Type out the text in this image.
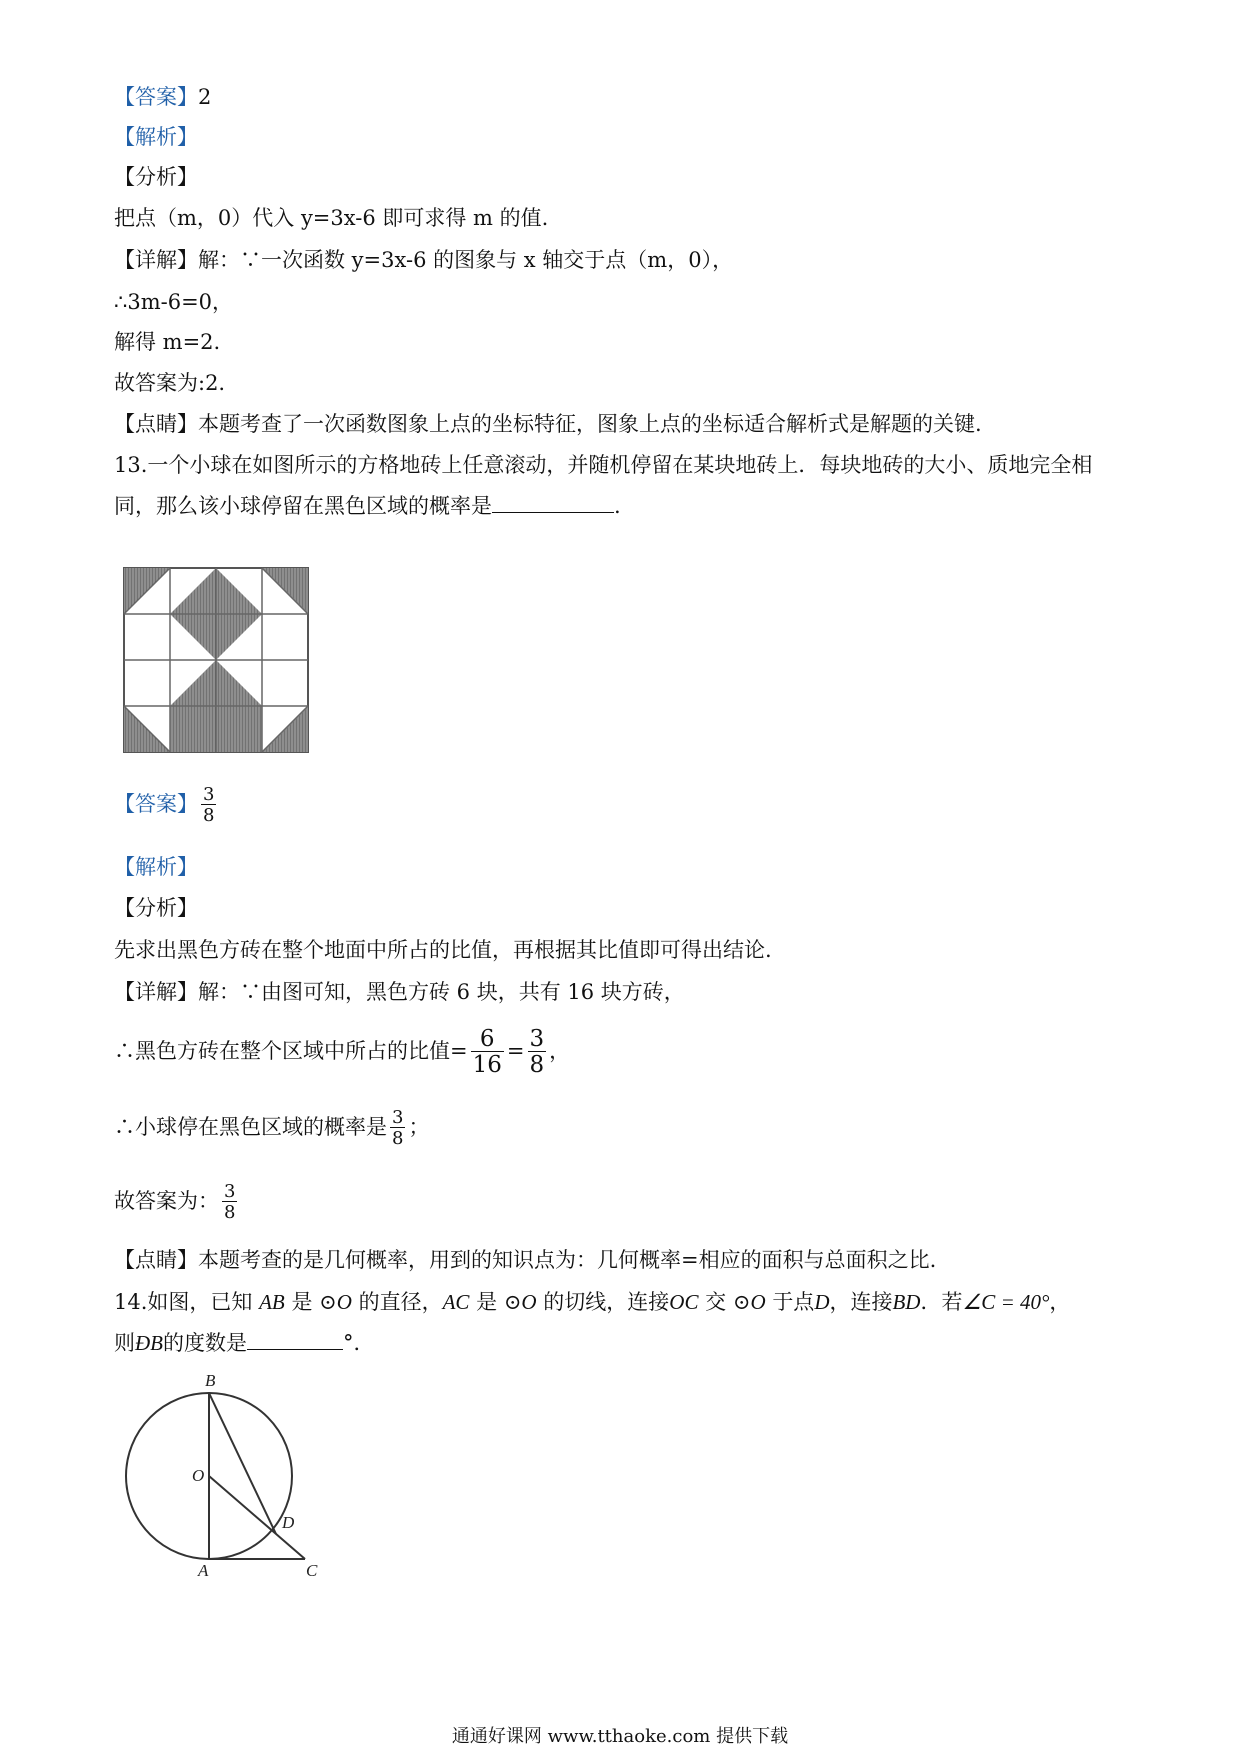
【答案】2
【解析】
【分析】
把点（m，0）代入 y=3x-6 即可求得 m 的值.
【详解】解：∵一次函数 y=3x-6 的图象与 x 轴交于点（m，0），
∴3m-6=0，
解得 m=2.
故答案为:2.
【点睛】本题考查了一次函数图象上点的坐标特征，图象上点的坐标适合解析式是解题的关键.
13.一个小球在如图所示的方格地砖上任意滚动，并随机停留在某块地砖上．每块地砖的大小、质地完全相
同，那么该小球停留在黑色区域的概率是	.
【答案】 $\frac{3}{8}$
【解析】
【分析】
先求出黑色方砖在整个地面中所占的比值，再根据其比值即可得出结论.
【详解】解：∵由图可知，黑色方砖 6 块，共有 16 块方砖，
∴黑色方砖在整个区域中所占的比值= $\frac{6}{16} = \frac{3}{8}$ ，
∴小球停在黑色区域的概率是 $\frac{3}{8}$ ；
故答案为： $\frac{3}{8}$
【点睛】本题考查的是几何概率，用到的知识点为：几何概率=相应的面积与总面积之比.
14.如图，已知 AB 是 ⊙O 的直径，AC 是 ⊙O 的切线，连接OC 交 ⊙O 于点D，连接BD．若∠C = 40°，
则ÐB的度数是	°．
B
O
D
A	C
通通好课网 www.tthaoke.com 提供下载
